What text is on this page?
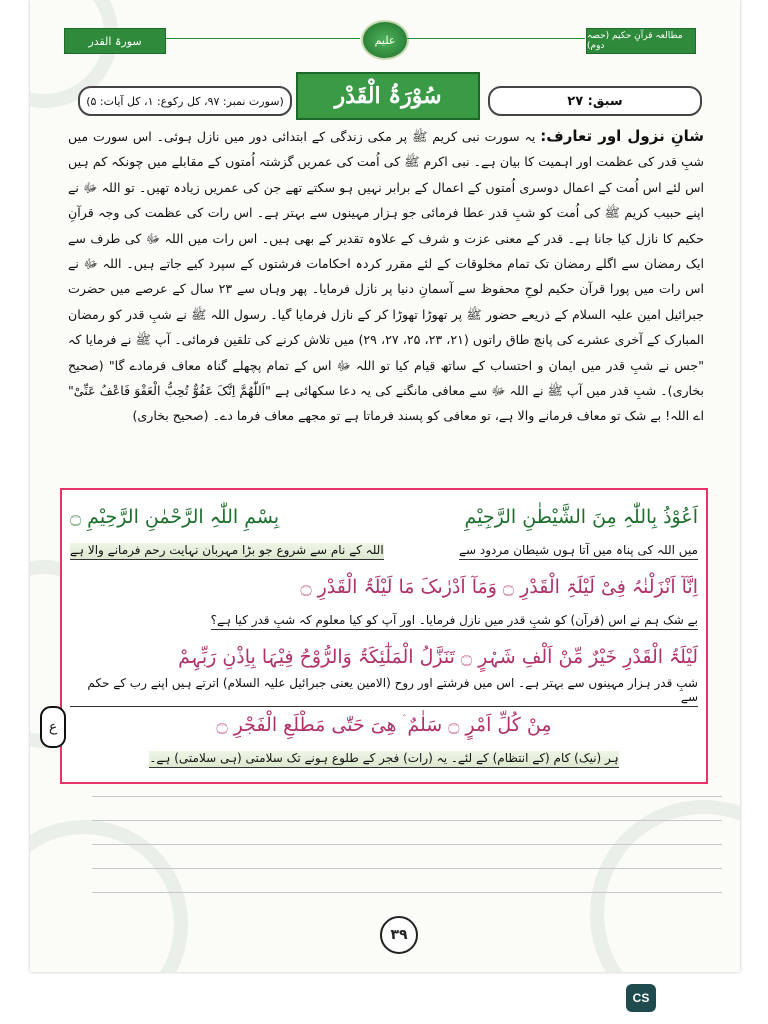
سورۃ القدر	علیم	مطالعہ قرآنِ حکیم (حصہ دوم)
(سورت نمبر: ۹۷، کل رکوع: ۱، کل آیات: ۵)	سُوْرَۃُ الْقَدْر	سبق: ۲۷
شانِ نزول اور تعارف: یہ سورت نبی کریم ﷺ پر مکی زندگی کے ابتدائی دور میں نازل ہوئی۔ اس سورت میں شبِ قدر کی عظمت اور اہمیت کا بیان ہے۔ نبی اکرم ﷺ کی اُمت کی عمریں گزشتہ اُمتوں کے مقابلے میں چونکہ کم ہیں اس لئے اس اُمت کے اعمال دوسری اُمتوں کے اعمال کے برابر نہیں ہو سکتے تھے جن کی عمریں زیادہ تھیں۔ تو اللہ ﷻ نے اپنے حبیب کریم ﷺ کی اُمت کو شبِ قدر عطا فرمائی جو ہزار مہینوں سے بہتر ہے۔ اس رات کی عظمت کی وجہ قرآنِ حکیم کا نازل کیا جانا ہے۔ قدر کے معنی عزت و شرف کے علاوہ تقدیر کے بھی ہیں۔ اس رات میں اللہ ﷻ کی طرف سے ایک رمضان سے اگلے رمضان تک تمام مخلوقات کے لئے مقرر کردہ احکامات فرشتوں کے سپرد کیے جاتے ہیں۔ اللہ ﷻ نے اس رات میں پورا قرآن حکیم لوحِ محفوظ سے آسمانِ دنیا پر نازل فرمایا۔ پھر وہاں سے ۲۳ سال کے عرصے میں حضرت جبرائیل امین علیہ السلام کے ذریعے حضور ﷺ پر تھوڑا تھوڑا کر کے نازل فرمایا گیا۔ رسول اللہ ﷺ نے شبِ قدر کو رمضان المبارک کے آخری عشرے کی پانچ طاق راتوں (۲۱، ۲۳، ۲۵، ۲۷، ۲۹) میں تلاش کرنے کی تلقین فرمائی۔ آپ ﷺ نے فرمایا کہ "جس نے شبِ قدر میں ایمان و احتساب کے ساتھ قیام کیا تو اللہ ﷻ اس کے تمام پچھلے گناہ معاف فرمادے گا" (صحیح بخاری)۔ شبِ قدر میں آپ ﷺ نے اللہ ﷻ سے معافی مانگنے کی یہ دعا سکھائی ہے "اَللّٰھُمَّ اِنَّکَ عَفُوٌّ تُحِبُّ الْعَفْوَ فَاعْفُ عَنِّیْ" اے اللہ! بے شک تو معاف فرمانے والا ہے، تو معافی کو پسند فرماتا ہے تو مجھے معاف فرما دے۔ (صحیح بخاری)
اَعُوْذُ بِاللّٰہِ مِنَ الشَّیْطٰنِ الرَّجِیْمِ
بِسْمِ اللّٰہِ الرَّحْمٰنِ الرَّحِیْمِ ۝
میں اللہ کی پناہ میں آتا ہوں شیطان مردود سے
اللہ کے نام سے شروع جو بڑا مہربان نہایت رحم فرمانے والا ہے
اِنَّآ اَنْزَلْنٰہُ فِیْ لَیْلَۃِ الْقَدْرِ ۝ وَمَآ اَدْرٰىکَ مَا لَیْلَۃُ الْقَدْرِ ۝
بے شک ہم نے اس (قرآن) کو شبِ قدر میں نازل فرمایا۔ اور آپ کو کیا معلوم کہ شبِ قدر کیا ہے؟
لَیْلَۃُ الْقَدْرِ خَیْرٌ مِّنْ اَلْفِ شَہْرٍ ۝ تَنَزَّلُ الْمَلٰٓئِکَۃُ وَالرُّوْحُ فِیْہَا بِاِذْنِ رَبِّہِمْ
شبِ قدر ہزار مہینوں سے بہتر ہے۔ اس میں فرشتے اور روح (الامین یعنی جبرائیل علیہ السلام) اترتے ہیں اپنے رب کے حکم سے
مِنْ کُلِّ اَمْرٍ ۝ سَلٰمٌ ۛ ھِیَ حَتّٰی مَطْلَعِ الْفَجْرِ ۝
ہر (نیک) کام (کے انتظام) کے لئے۔ یہ (رات) فجر کے طلوع ہونے تک سلامتی (ہی سلامتی) ہے۔
ع
۳۹
CS
